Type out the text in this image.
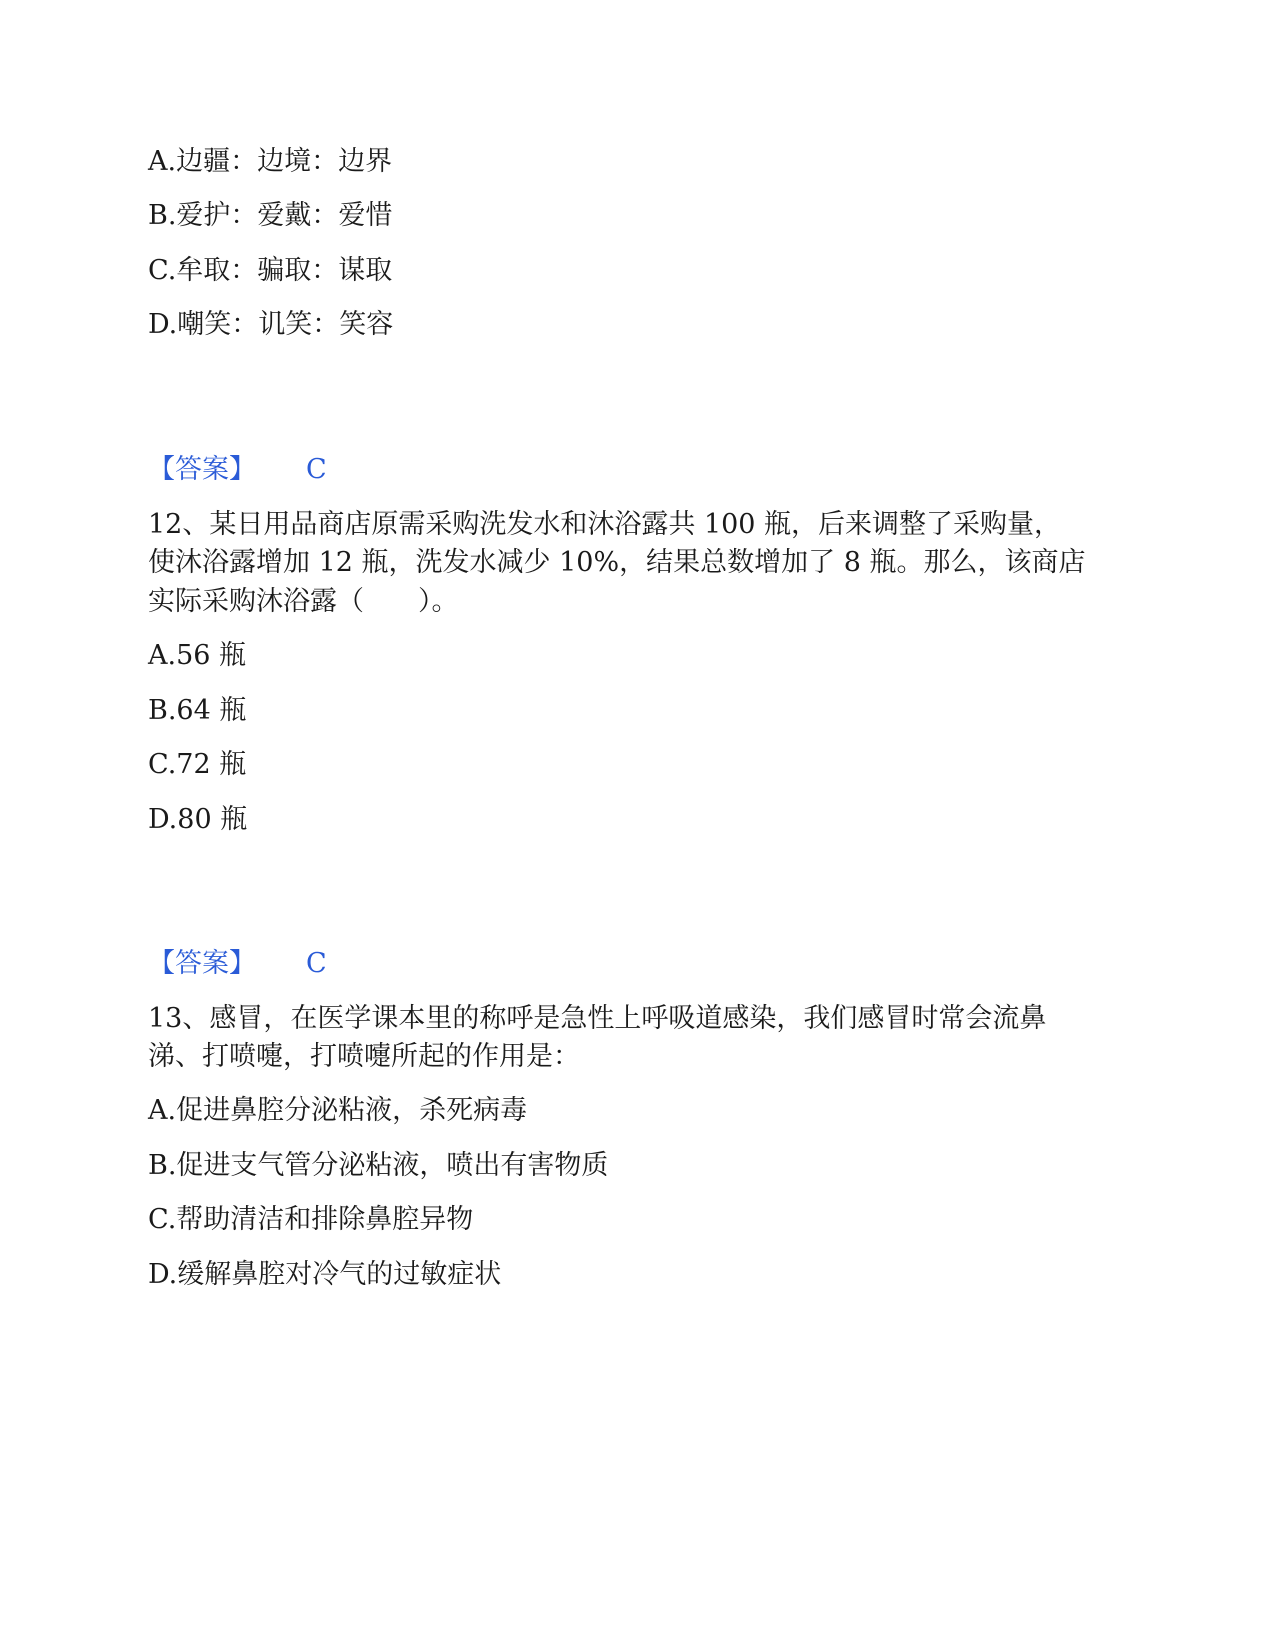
A.边疆：边境：边界
B.爱护：爱戴：爱惜
C.牟取：骗取：谋取
D.嘲笑：讥笑：笑容
【答案】 C
12、某日用品商店原需采购洗发水和沐浴露共 100 瓶，后来调整了采购量，
使沐浴露增加 12 瓶，洗发水减少 10%，结果总数增加了 8 瓶。那么，该商店
实际采购沐浴露（　　）。
A.56 瓶
B.64 瓶
C.72 瓶
D.80 瓶
【答案】 C
13、感冒，在医学课本里的称呼是急性上呼吸道感染，我们感冒时常会流鼻
涕、打喷嚏，打喷嚏所起的作用是：
A.促进鼻腔分泌粘液，杀死病毒
B.促进支气管分泌粘液，喷出有害物质
C.帮助清洁和排除鼻腔异物
D.缓解鼻腔对冷气的过敏症状
